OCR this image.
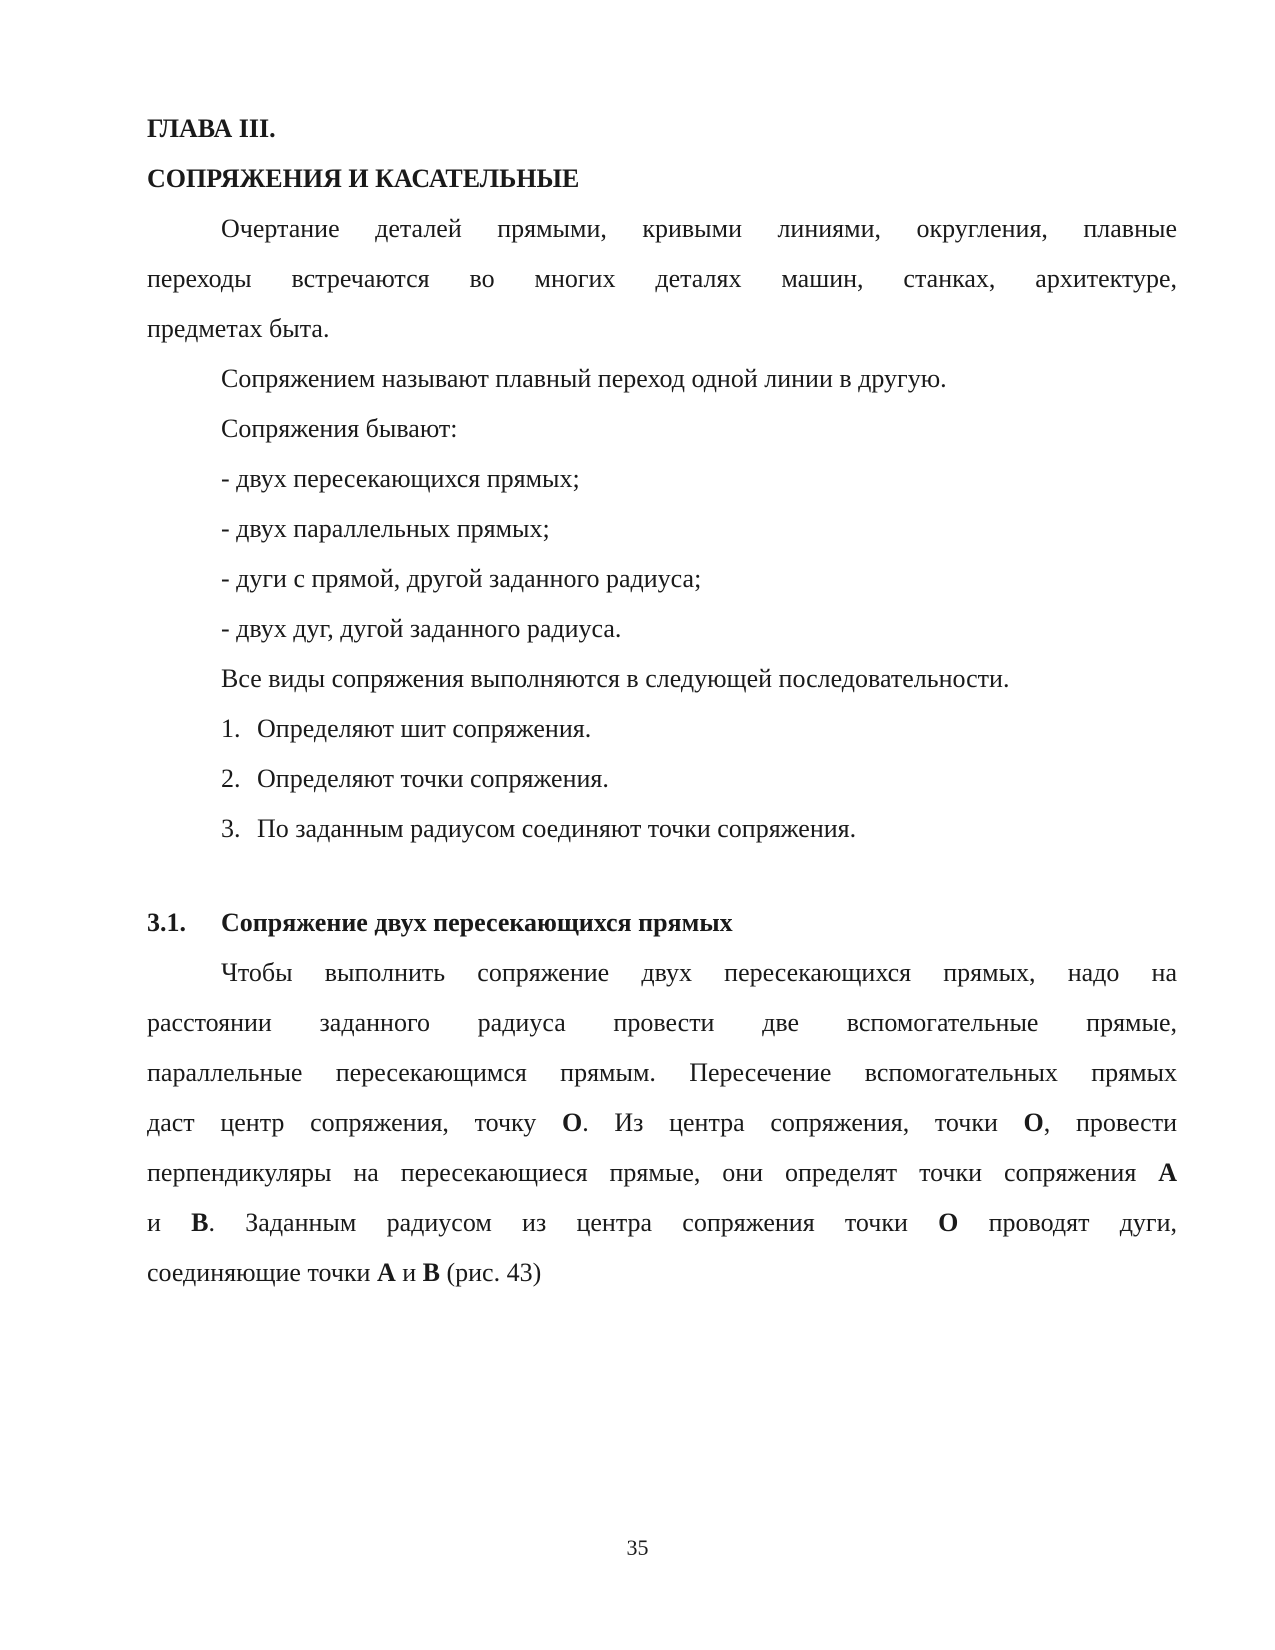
ГЛАВА III.
СОПРЯЖЕНИЯ И КАСАТЕЛЬНЫЕ
Очертание деталей прямыми, кривыми линиями, округления, плавные
переходы встречаются во многих деталях машин, станках, архитектуре,
предметах быта.
Сопряжением называют плавный переход одной линии в другую.
Сопряжения бывают:
- двух пересекающихся прямых;
- двух параллельных прямых;
- дуги с прямой, другой заданного радиуса;
- двух дуг, дугой заданного радиуса.
Все виды сопряжения выполняются в следующей последовательности.
1. Определяют шит сопряжения.
2. Определяют точки сопряжения.
3. По заданным радиусом соединяют точки сопряжения.
3.1.	Сопряжение двух пересекающихся прямых
Чтобы выполнить сопряжение двух пересекающихся прямых, надо на
расстоянии заданного радиуса провести две вспомогательные прямые,
параллельные пересекающимся прямым. Пересечение вспомогательных прямых
даст центр сопряжения, точку O. Из центра сопряжения, точки O, провести
перпендикуляры на пересекающиеся прямые, они определят точки сопряжения A
и B. Заданным радиусом из центра сопряжения точки O проводят дуги,
соединяющие точки A и B (рис. 43)
35
